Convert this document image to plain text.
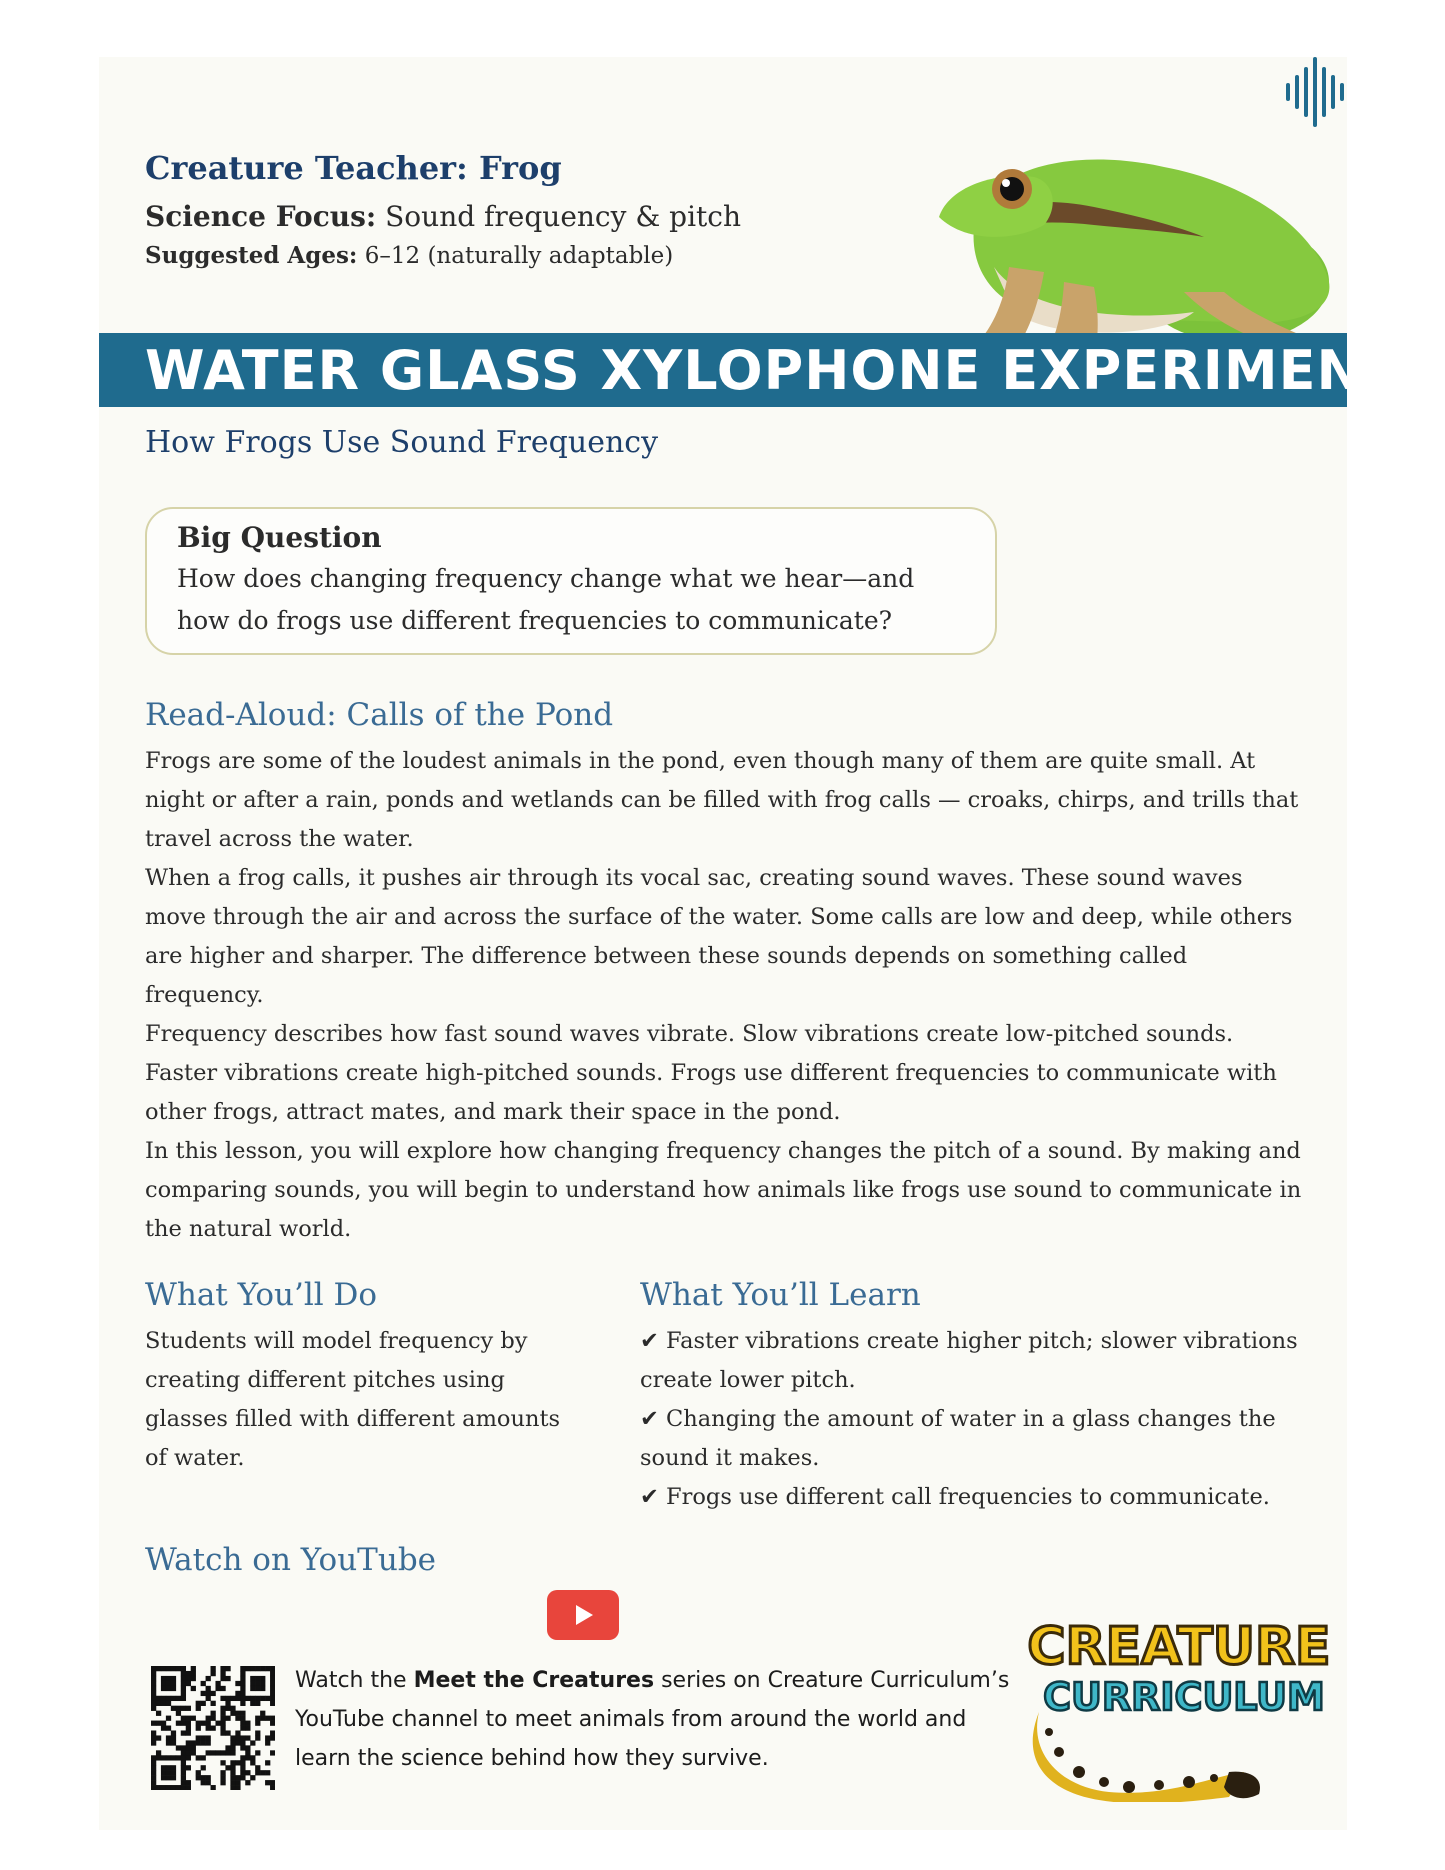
Creature Teacher: Frog
Science Focus: Sound frequency & pitch
Suggested Ages: 6–12 (naturally adaptable)
WATER GLASS XYLOPHONE EXPERIMENT
How Frogs Use Sound Frequency
Big Question
How does changing frequency change what we hear—and how do frogs use different frequencies to communicate?
Read-Aloud: Calls of the Pond

Frogs are some of the loudest animals in the pond, even though many of them are quite small. At night or after a rain, ponds and wetlands can be filled with frog calls — croaks, chirps, and trills that travel across the water.

When a frog calls, it pushes air through its vocal sac, creating sound waves. These sound waves move through the air and across the surface of the water. Some calls are low and deep, while others are higher and sharper. The difference between these sounds depends on something called frequency.

Frequency describes how fast sound waves vibrate. Slow vibrations create low-pitched sounds. Faster vibrations create high-pitched sounds. Frogs use different frequencies to communicate with other frogs, attract mates, and mark their space in the pond.

In this lesson, you will explore how changing frequency changes the pitch of a sound. By making and comparing sounds, you will begin to understand how animals like frogs use sound to communicate in the natural world.

What You’ll Do

Students will model frequency by creating different pitches using glasses filled with different amounts of water.

What You’ll Learn

✔ Faster vibrations create higher pitch; slower vibrations create lower pitch.

✔ Changing the amount of water in a glass changes the sound it makes.

✔ Frogs use different call frequencies to communicate.

Watch on YouTube
Watch the Meet the Creatures series on Creature Curriculum’s YouTube channel to meet animals from around the world and learn the science behind how they survive.
CREATURE
CURRICULUM
